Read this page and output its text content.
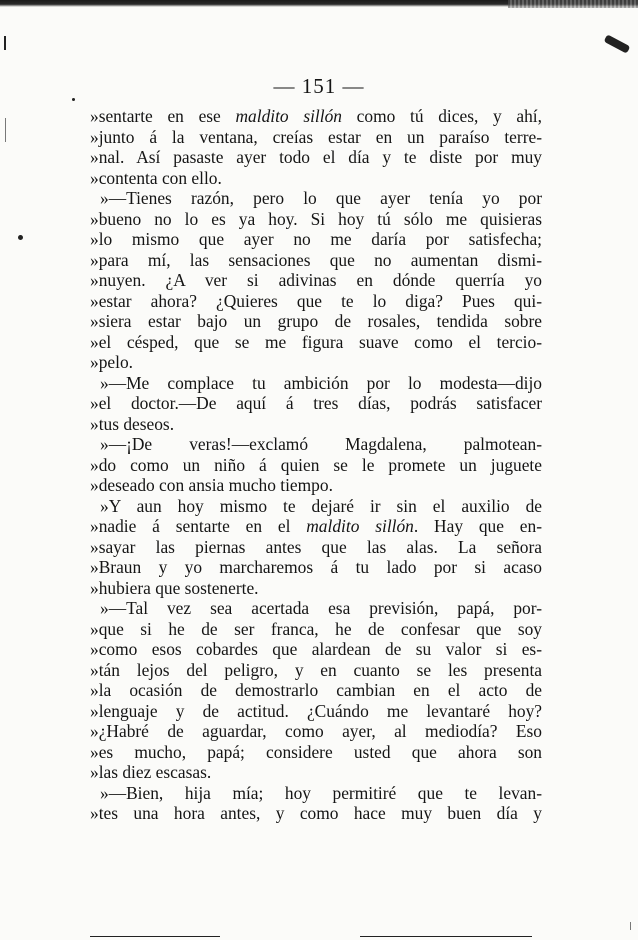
— 151 —
»sentarte en ese maldito sillón como tú dices, y ahí,
»junto á la ventana, creías estar en un paraíso terre-
»nal. Así pasaste ayer todo el día y te diste por muy
»contenta con ello.
»—Tienes razón, pero lo que ayer tenía yo por
»bueno no lo es ya hoy. Si hoy tú sólo me quisieras
»lo mismo que ayer no me daría por satisfecha;
»para mí, las sensaciones que no aumentan dismi-
»nuyen. ¿A ver si adivinas en dónde querría yo
»estar ahora? ¿Quieres que te lo diga? Pues qui-
»siera estar bajo un grupo de rosales, tendida sobre
»el césped, que se me figura suave como el tercio-
»pelo.
»—Me complace tu ambición por lo modesta—dijo
»el doctor.—De aquí á tres días, podrás satisfacer
»tus deseos.
»—¡De veras!—exclamó Magdalena, palmotean-
»do como un niño á quien se le promete un juguete
»deseado con ansia mucho tiempo.
»Y aun hoy mismo te dejaré ir sin el auxilio de
»nadie á sentarte en el maldito sillón. Hay que en-
»sayar las piernas antes que las alas. La señora
»Braun y yo marcharemos á tu lado por si acaso
»hubiera que sostenerte.
»—Tal vez sea acertada esa previsión, papá, por-
»que si he de ser franca, he de confesar que soy
»como esos cobardes que alardean de su valor si es-
»tán lejos del peligro, y en cuanto se les presenta
»la ocasión de demostrarlo cambian en el acto de
»lenguaje y de actitud. ¿Cuándo me levantaré hoy?
»¿Habré de aguardar, como ayer, al mediodía? Eso
»es mucho, papá; considere usted que ahora son
»las diez escasas.
»—Bien, hija mía; hoy permitiré que te levan-
»tes una hora antes, y como hace muy buen día y
